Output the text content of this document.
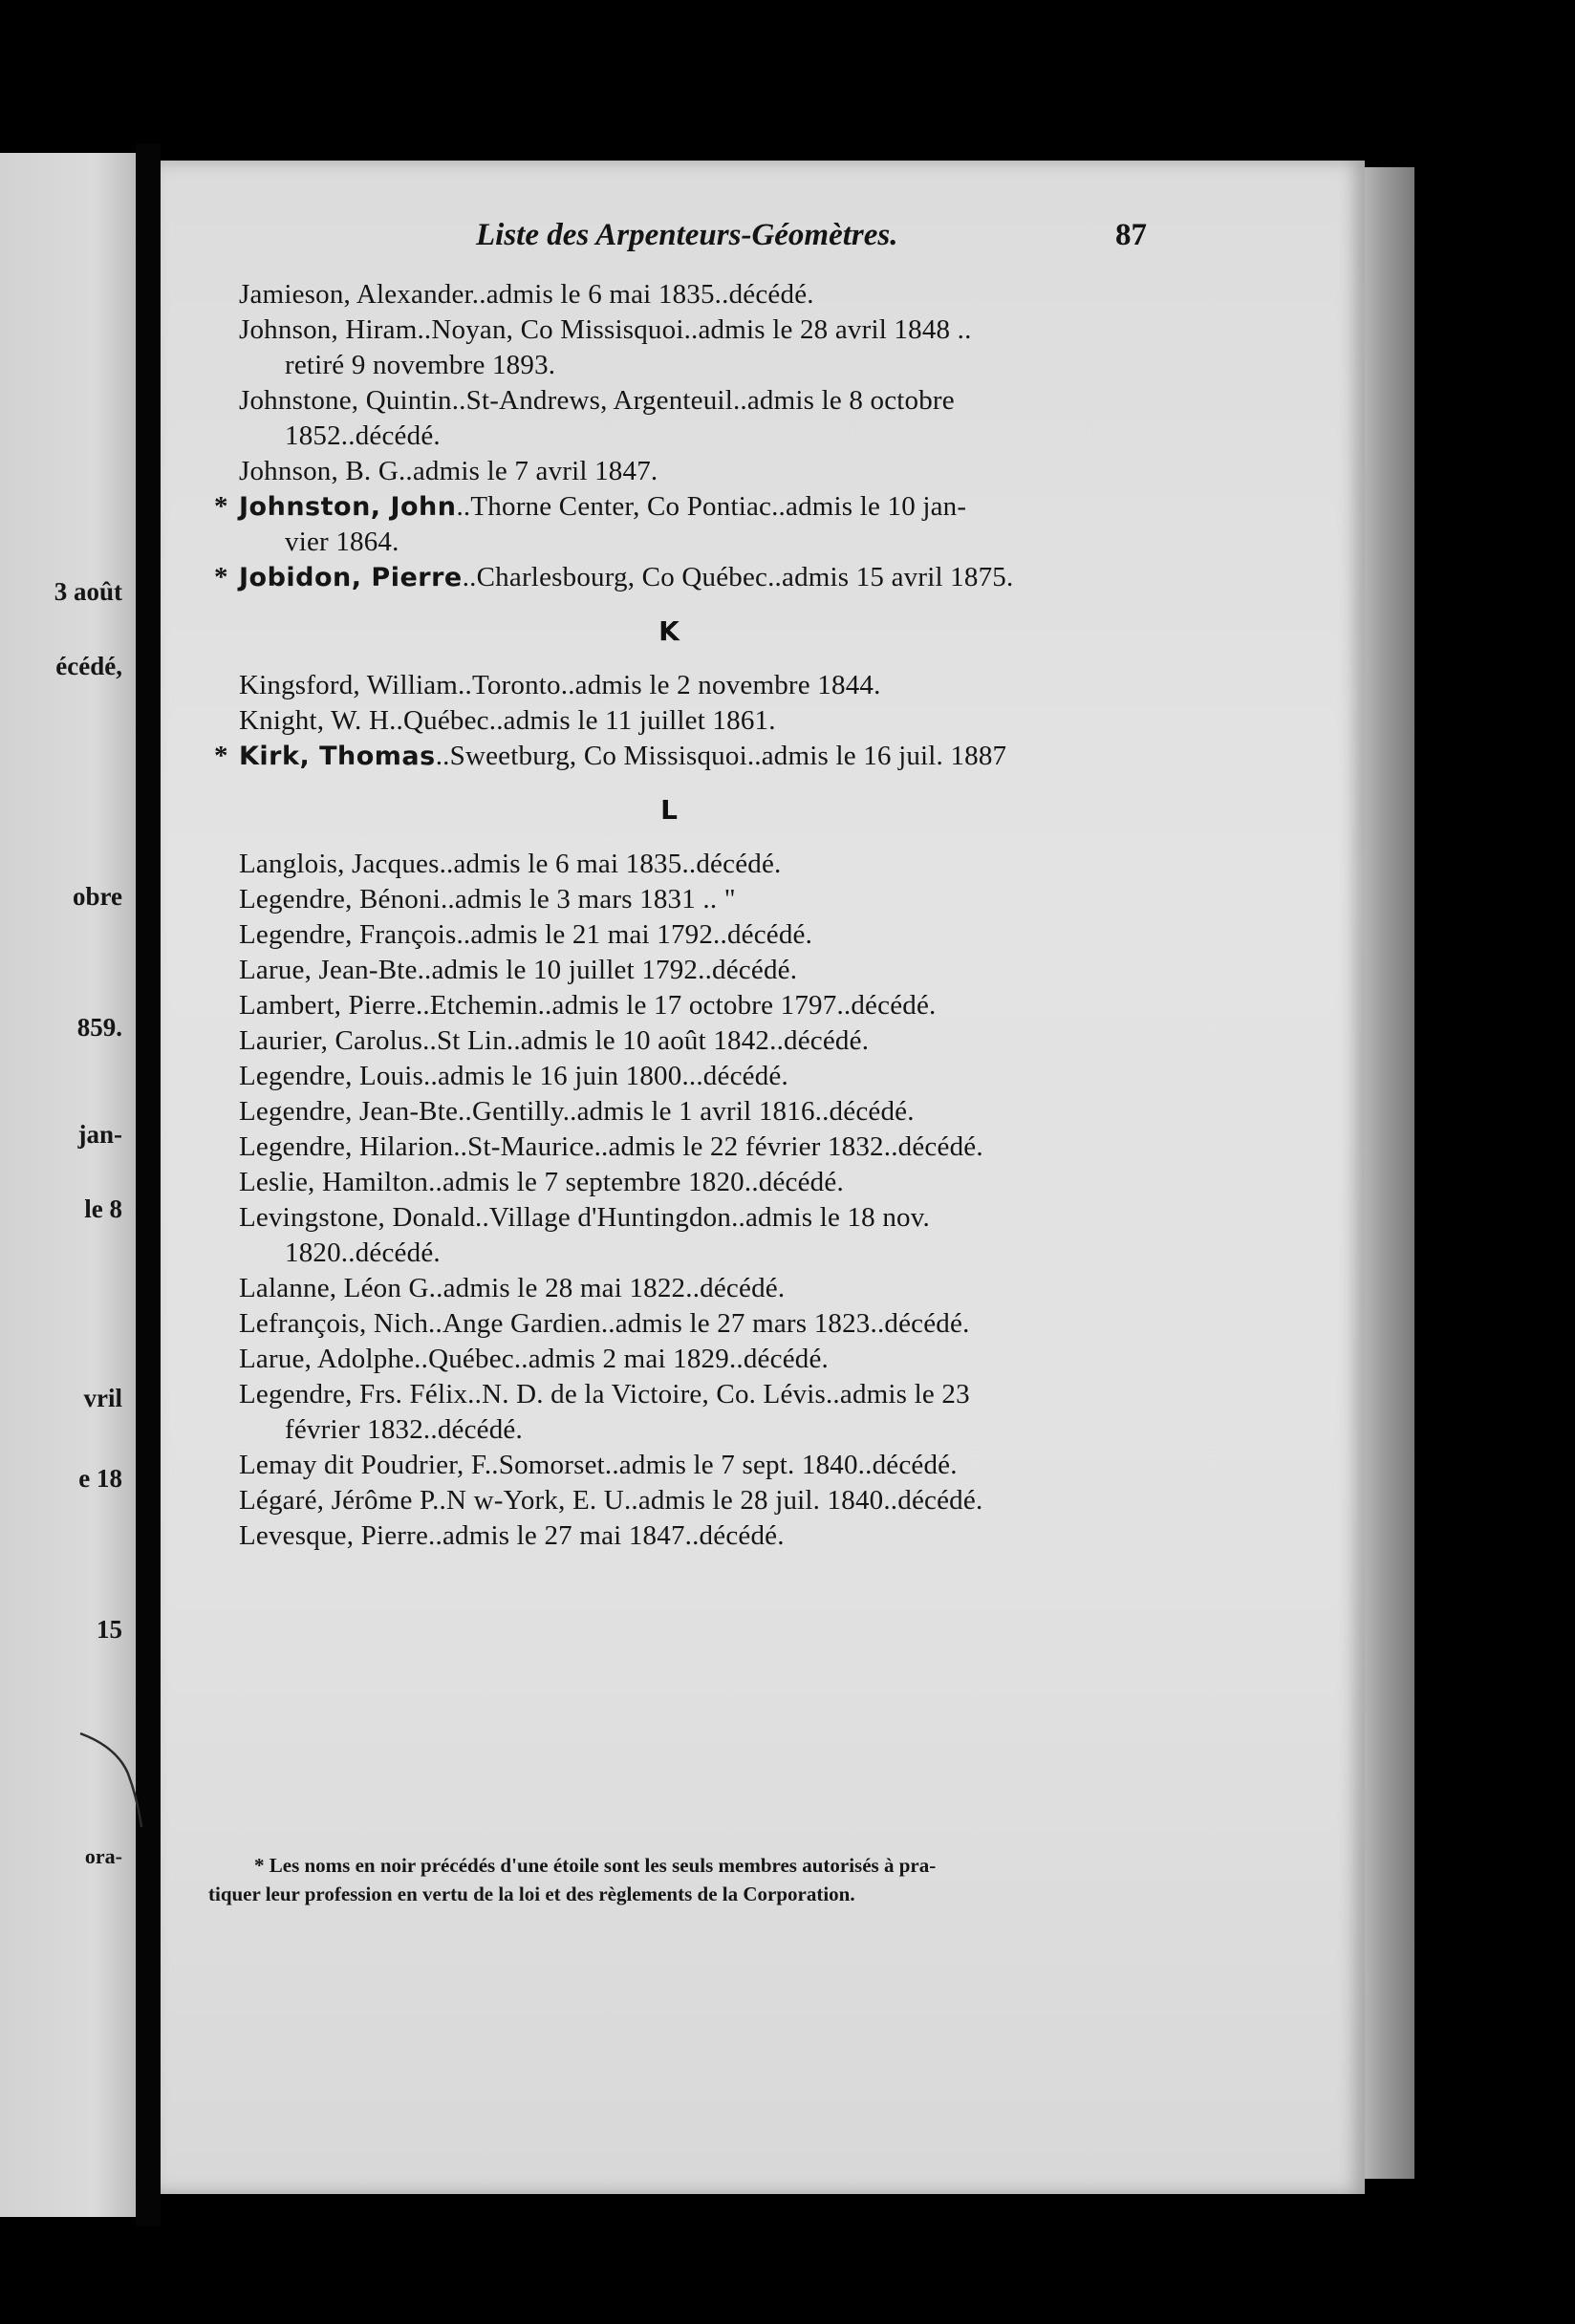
3 août
écédé,
obre
859.
jan-
le 8
vril
e 18
15
ora-
Liste des Arpenteurs-Géomètres.	87
Jamieson, Alexander..admis le 6 mai 1835..décédé.
Johnson, Hiram..Noyan, Co Missisquoi..admis le 28 avril 1848 ..
retiré 9 novembre 1893.
Johnstone, Quintin..St-Andrews, Argenteuil..admis le 8 octobre
1852..décédé.
Johnson, B. G..admis le 7 avril 1847.
* Johnston, John..Thorne Center, Co Pontiac..admis le 10 jan-
vier 1864.
* Jobidon, Pierre..Charlesbourg, Co Québec..admis 15 avril 1875.
K
Kingsford, William..Toronto..admis le 2 novembre 1844.
Knight, W. H..Québec..admis le 11 juillet 1861.
* Kirk, Thomas..Sweetburg, Co Missisquoi..admis le 16 juil. 1887
L
Langlois, Jacques..admis le 6 mai 1835..décédé.
Legendre, Bénoni..admis le 3 mars 1831 .. "
Legendre, François..admis le 21 mai 1792..décédé.
Larue, Jean-Bte..admis le 10 juillet 1792..décédé.
Lambert, Pierre..Etchemin..admis le 17 octobre 1797..décédé.
Laurier, Carolus..St Lin..admis le 10 août 1842..décédé.
Legendre, Louis..admis le 16 juin 1800...décédé.
Legendre, Jean-Bte..Gentilly..admis le 1 avril 1816..décédé.
Legendre, Hilarion..St-Maurice..admis le 22 février 1832..décédé.
Leslie, Hamilton..admis le 7 septembre 1820..décédé.
Levingstone, Donald..Village d'Huntingdon..admis le 18 nov.
1820..décédé.
Lalanne, Léon G..admis le 28 mai 1822..décédé.
Lefrançois, Nich..Ange Gardien..admis le 27 mars 1823..décédé.
Larue, Adolphe..Québec..admis 2 mai 1829..décédé.
Legendre, Frs. Félix..N. D. de la Victoire, Co. Lévis..admis le 23
février 1832..décédé.
Lemay dit Poudrier, F..Somorset..admis le 7 sept. 1840..décédé.
Légaré, Jérôme P..N w-York, E. U..admis le 28 juil. 1840..décédé.
Levesque, Pierre..admis le 27 mai 1847..décédé.
* Les noms en noir précédés d'une étoile sont les seuls membres autorisés à pra-
tiquer leur profession en vertu de la loi et des règlements de la Corporation.
